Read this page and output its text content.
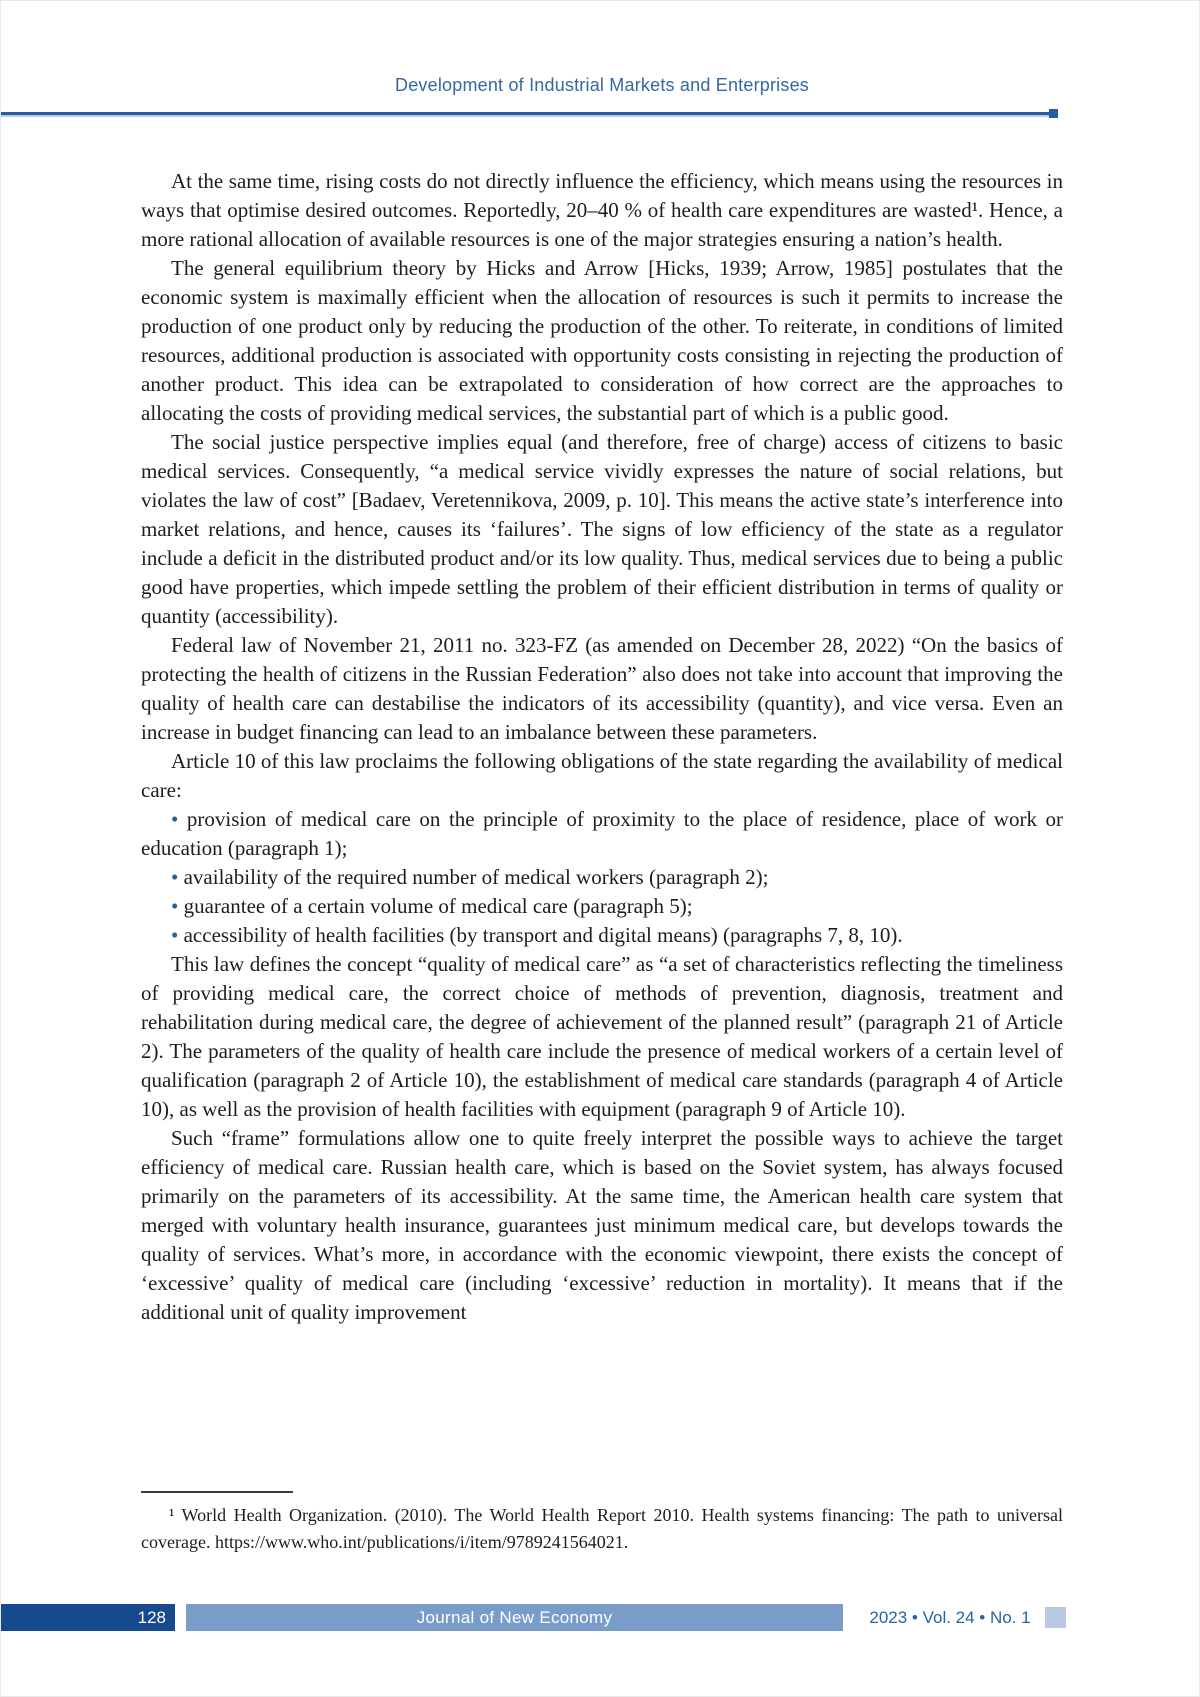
Development of Industrial Markets and Enterprises

At the same time, rising costs do not directly influence the efficiency, which means using the resources in ways that optimise desired outcomes. Reportedly, 20–40 % of health care expenditures are wasted¹. Hence, a more rational allocation of available resources is one of the major strategies ensuring a nation’s health.

The general equilibrium theory by Hicks and Arrow [Hicks, 1939; Arrow, 1985] postulates that the economic system is maximally efficient when the allocation of resources is such it permits to increase the production of one product only by reducing the production of the other. To reiterate, in conditions of limited resources, additional production is associated with opportunity costs consisting in rejecting the production of another product. This idea can be extrapolated to consideration of how correct are the approaches to allocating the costs of providing medical services, the substantial part of which is a public good.

The social justice perspective implies equal (and therefore, free of charge) access of citizens to basic medical services. Consequently, “a medical service vividly expresses the nature of social relations, but violates the law of cost” [Badaev, Veretennikova, 2009, p. 10]. This means the active state’s interference into market relations, and hence, causes its ‘failures’. The signs of low efficiency of the state as a regulator include a deficit in the distributed product and/or its low quality. Thus, medical services due to being a public good have properties, which impede settling the problem of their efficient distribution in terms of quality or quantity (accessibility).

Federal law of November 21, 2011 no. 323-FZ (as amended on December 28, 2022) “On the basics of protecting the health of citizens in the Russian Federation” also does not take into account that improving the quality of health care can destabilise the indicators of its accessibility (quantity), and vice versa. Even an increase in budget financing can lead to an imbalance between these parameters.

Article 10 of this law proclaims the following obligations of the state regarding the availability of medical care:

• provision of medical care on the principle of proximity to the place of residence, place of work or education (paragraph 1);

• availability of the required number of medical workers (paragraph 2);

• guarantee of a certain volume of medical care (paragraph 5);

• accessibility of health facilities (by transport and digital means) (paragraphs 7, 8, 10).

This law defines the concept “quality of medical care” as “a set of characteristics reflecting the timeliness of providing medical care, the correct choice of methods of prevention, diagnosis, treatment and rehabilitation during medical care, the degree of achievement of the planned result” (paragraph 21 of Article 2). The parameters of the quality of health care include the presence of medical workers of a certain level of qualification (paragraph 2 of Article 10), the establishment of medical care standards (paragraph 4 of Article 10), as well as the provision of health facilities with equipment (paragraph 9 of Article 10).

Such “frame” formulations allow one to quite freely interpret the possible ways to achieve the target efficiency of medical care. Russian health care, which is based on the Soviet system, has always focused primarily on the parameters of its accessibility. At the same time, the American health care system that merged with voluntary health insurance, guarantees just minimum medical care, but develops towards the quality of services. What’s more, in accordance with the economic viewpoint, there exists the concept of ‘excessive’ quality of medical care (including ‘excessive’ reduction in mortality). It means that if the additional unit of quality improvement

¹ World Health Organization. (2010). The World Health Report 2010. Health systems financing: The path to universal coverage. https://www.who.int/publications/i/item/9789241564021.

128	Journal of New Economy	2023 • Vol. 24 • No. 1
